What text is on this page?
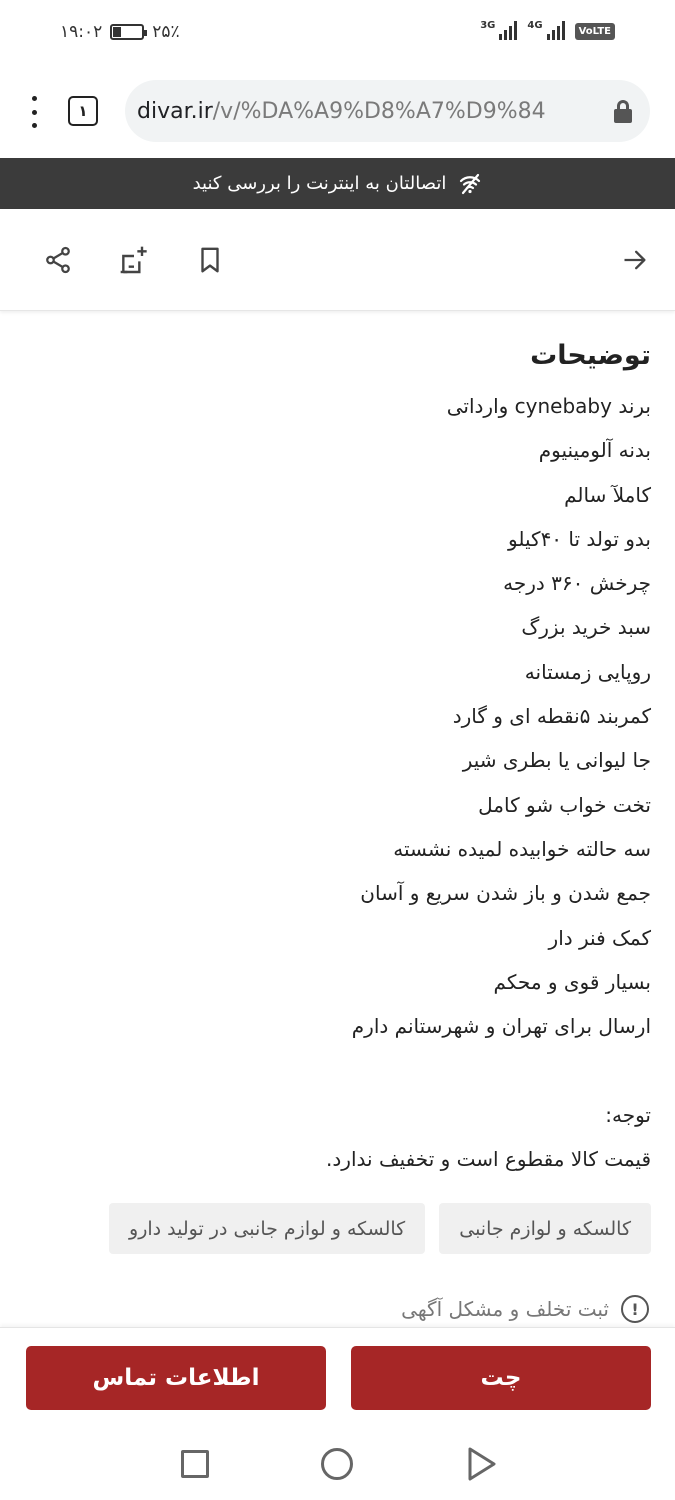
۱۹:۰۲	۲۵٪	3G	4G
VoLTE
۱	divar.ir/v/%DA%A9%D8%A7%D9%84
اتصالتان به اینترنت را بررسی کنید
توضیحات
برند cynebaby وارداتی
بدنه آلومینیوم
کاملآ سالم
بدو تولد تا ۴۰کیلو
چرخش ۳۶۰ درجه
سبد خرید بزرگ
روپایی زمستانه
کمربند ۵نقطه ای و گارد
جا لیوانی یا بطری شیر
تخت خواب شو کامل
سه حالته خوابیده لمیده نشسته
جمع شدن و باز شدن سریع و آسان
کمک فنر دار
بسیار قوی و محکم
ارسال برای تهران و شهرستانم دارم
توجه:
قیمت کالا مقطوع است و تخفیف ندارد.
کالسکه و لوازم جانبی
کالسکه و لوازم جانبی در تولید دارو
!
ثبت تخلف و مشکل آگهی
اطلاعات تماس	چت
